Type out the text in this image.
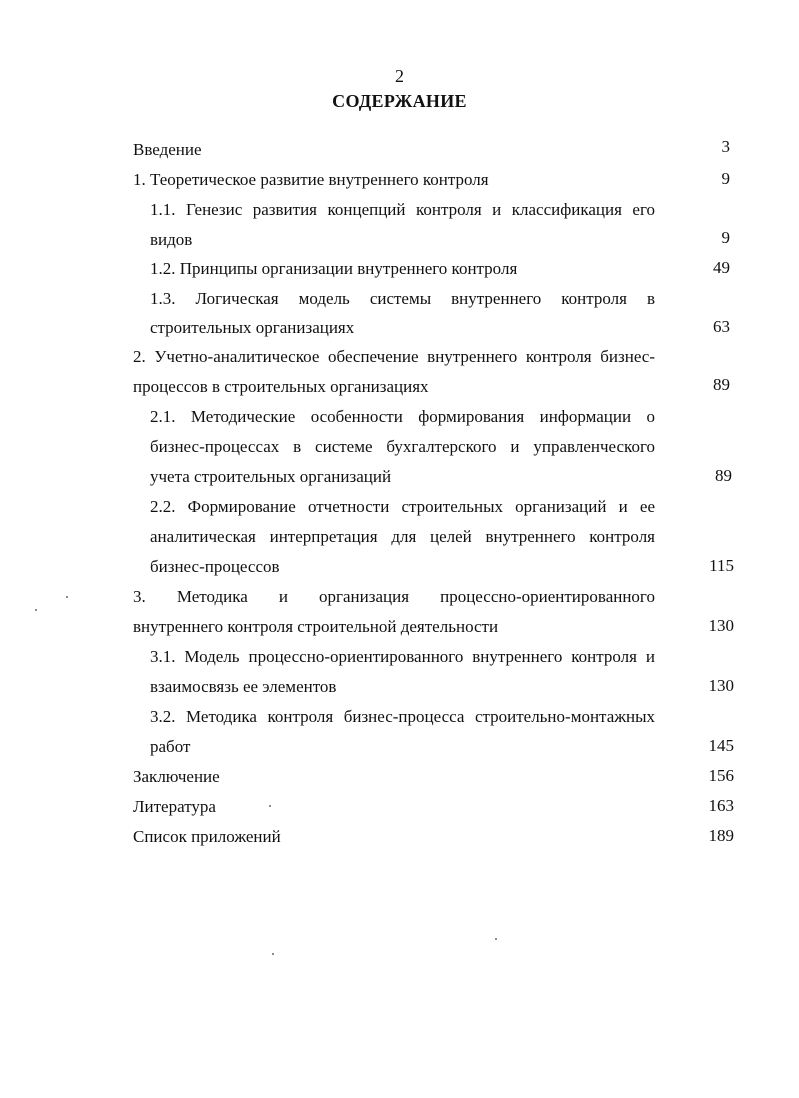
2
СОДЕРЖАНИЕ
Введение	3
1. Теоретическое развитие внутреннего контроля	9
1.1. Генезис развития концепций контроля и классификация его
видов	9
1.2. Принципы организации внутреннего контроля	49
1.3. Логическая модель системы внутреннего контроля в
строительных организациях	63
2. Учетно-аналитическое обеспечение внутреннего контроля бизнес-
процессов в строительных организациях	89
2.1. Методические особенности формирования информации о
бизнес-процессах в системе бухгалтерского и управленческого
учета строительных организаций	89
2.2. Формирование отчетности строительных организаций и ее
аналитическая интерпретация для целей внутреннего контроля
бизнес-процессов	115
3. Методика и организация процессно-ориентированного
внутреннего контроля строительной деятельности	130
3.1. Модель процессно-ориентированного внутреннего контроля и
взаимосвязь ее элементов	130
3.2. Методика контроля бизнес-процесса строительно-монтажных
работ	145
Заключение	156
Литература	163
Список приложений	189
